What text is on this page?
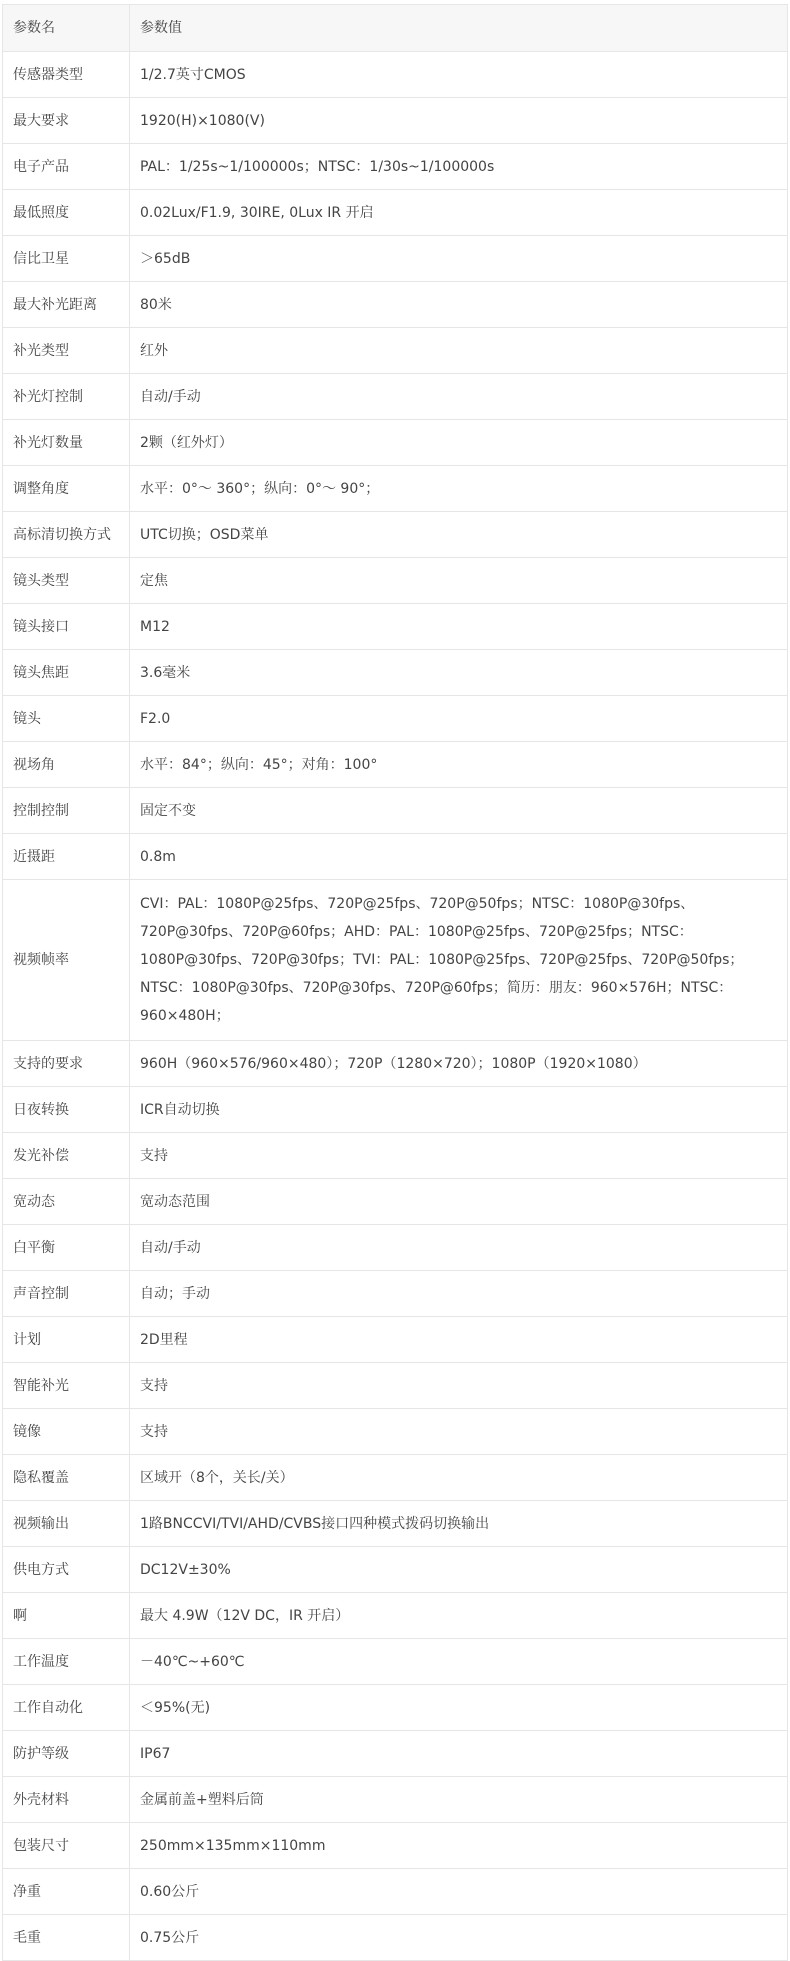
参数名	参数值
传感器类型	1/2.7英寸CMOS
最大要求	1920(H)×1080(V)
电子产品	PAL：1/25s~1/100000s；NTSC：1/30s~1/100000s
最低照度	0.02Lux/F1.9, 30IRE, 0Lux IR 开启
信比卫星	＞65dB
最大补光距离	80米
补光类型	红外
补光灯控制	自动/手动
补光灯数量	2颗（红外灯）
调整角度	水平：0°～ 360°；纵向：0°～ 90°；
高标清切换方式	UTC切换；OSD菜单
镜头类型	定焦
镜头接口	M12
镜头焦距	3.6毫米
镜头	F2.0
视场角	水平：84°；纵向：45°；对角：100°
控制控制	固定不变
近摄距	0.8m
视频帧率	CVI：PAL：1080P@25fps、720P@25fps、720P@50fps；NTSC：1080P@30fps、720P@30fps、720P@60fps；AHD：PAL：1080P@25fps、720P@25fps；NTSC：1080P@30fps、720P@30fps；TVI：PAL：1080P@25fps、720P@25fps、720P@50fps；NTSC：1080P@30fps、720P@30fps、720P@60fps；简历：朋友：960×576H；NTSC：960×480H；
支持的要求	960H（960×576/960×480）；720P（1280×720）；1080P（1920×1080）
日夜转换	ICR自动切换
发光补偿	支持
宽动态	宽动态范围
白平衡	自动/手动
声音控制	自动；手动
计划	2D里程
智能补光	支持
镜像	支持
隐私覆盖	区域开（8个，关长/关）
视频输出	1路BNCCVI/TVI/AHD/CVBS接口四种模式拨码切换输出
供电方式	DC12V±30%
啊	最大 4.9W（12V DC，IR 开启）
工作温度	－40℃~+60℃
工作自动化	＜95%(无)
防护等级	IP67
外壳材料	金属前盖+塑料后筒
包装尺寸	250mm×135mm×110mm
净重	0.60公斤
毛重	0.75公斤
